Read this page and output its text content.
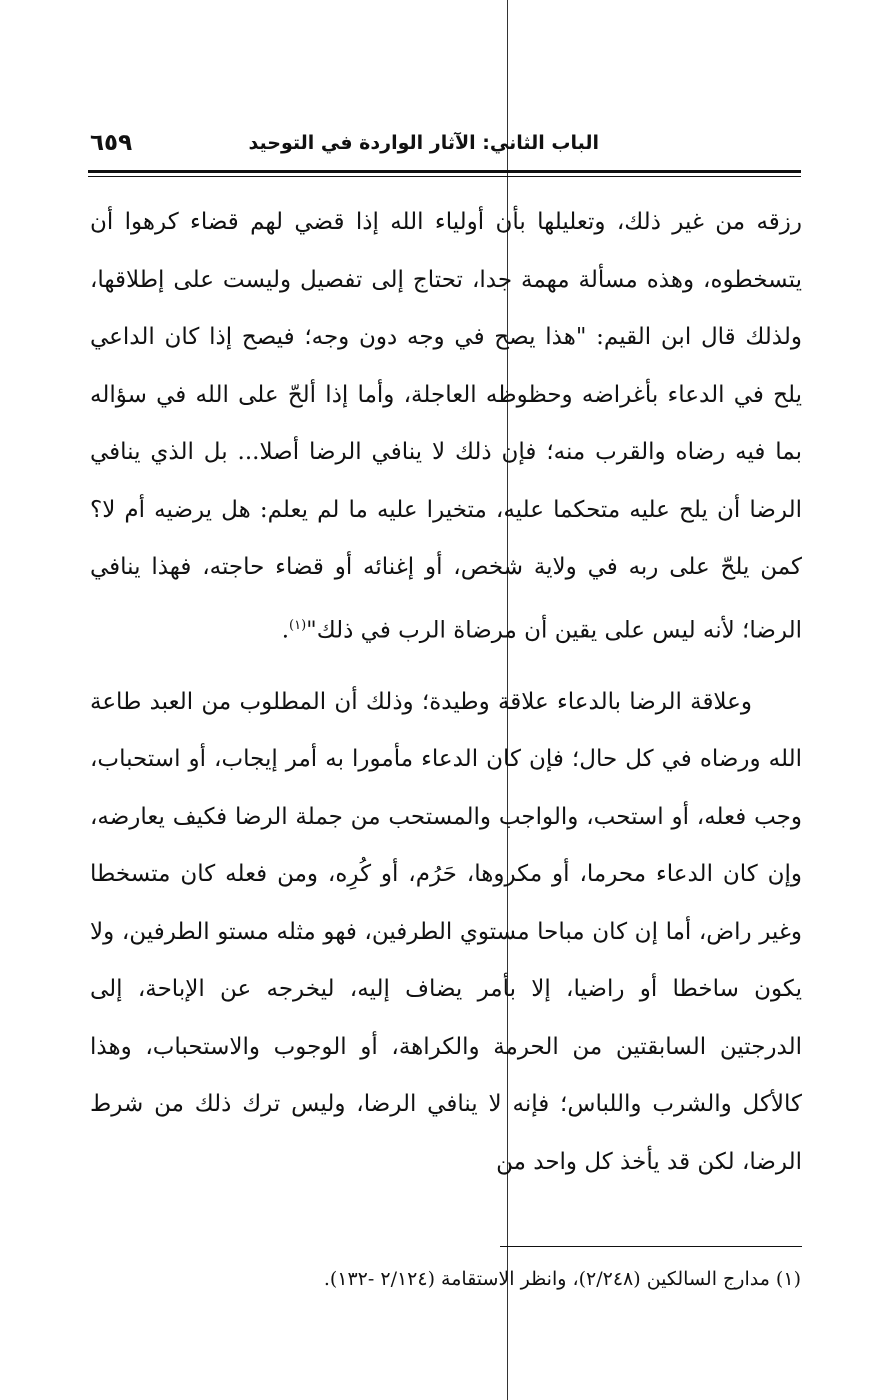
الباب الثاني: الآثار الواردة في التوحيد
٦٥٩

رزقه من غير ذلك، وتعليلها بأن أولياء الله إذا قضي لهم قضاء كرهوا أن يتسخطوه، وهذه مسألة مهمة جدا، تحتاج إلى تفصيل وليست على إطلاقها، ولذلك قال ابن القيم: "هذا يصح في وجه دون وجه؛ فيصح إذا كان الداعي يلح في الدعاء بأغراضه وحظوظه العاجلة، وأما إذا ألحّ على الله في سؤاله بما فيه رضاه والقرب منه؛ فإن ذلك لا ينافي الرضا أصلا... بل الذي ينافي الرضا أن يلح عليه متحكما عليه، متخيرا عليه ما لم يعلم: هل يرضيه أم لا؟ كمن يلحّ على ربه في ولاية شخص، أو إغنائه أو قضاء حاجته، فهذا ينافي الرضا؛ لأنه ليس على يقين أن مرضاة الرب في ذلك"$^{(١)}$.

وعلاقة الرضا بالدعاء علاقة وطيدة؛ وذلك أن المطلوب من العبد طاعة الله ورضاه في كل حال؛ فإن كان الدعاء مأمورا به أمر إيجاب، أو استحباب، وجب فعله، أو استحب، والواجب والمستحب من جملة الرضا فكيف يعارضه، وإن كان الدعاء محرما، أو مكروها، حَرُم، أو كُرِه، ومن فعله كان متسخطا وغير راض، أما إن كان مباحا مستوي الطرفين، فهو مثله مستو الطرفين، ولا يكون ساخطا أو راضيا، إلا بأمر يضاف إليه، ليخرجه عن الإباحة، إلى الدرجتين السابقتين من الحرمة والكراهة، أو الوجوب والاستحباب، وهذا كالأكل والشرب واللباس؛ فإنه لا ينافي الرضا، وليس ترك ذلك من شرط الرضا، لكن قد يأخذ كل واحد من

(١) مدارج السالكين (٢/٢٤٨)، وانظر الاستقامة (٢/١٢٤ -١٣٢).
